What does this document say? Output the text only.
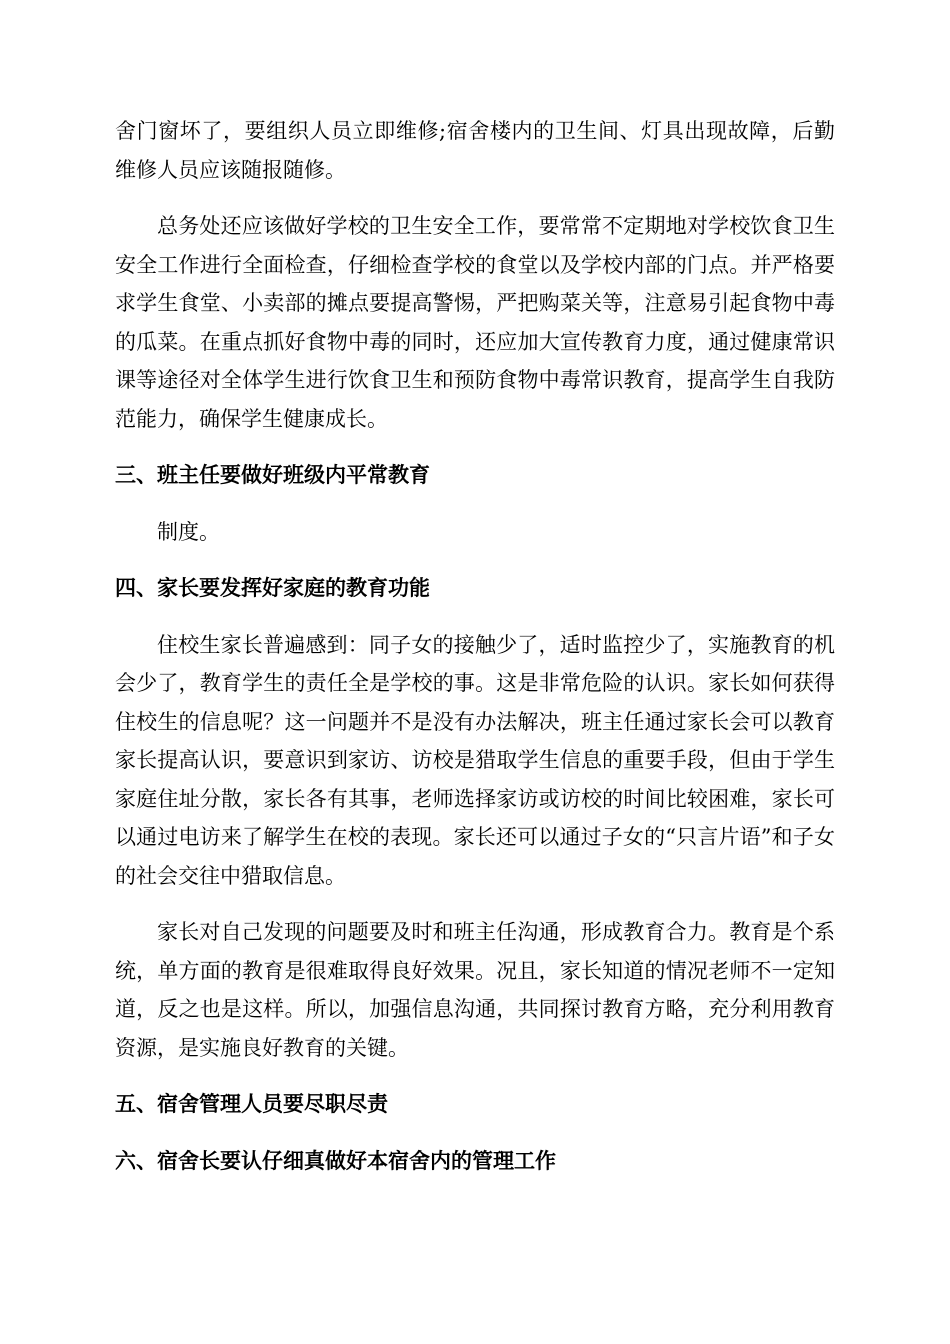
舍门窗坏了，要组织人员立即维修;宿舍楼内的卫生间、灯具出现故障，后勤维修人员应该随报随修。

总务处还应该做好学校的卫生安全工作，要常常不定期地对学校饮食卫生安全工作进行全面检查，仔细检查学校的食堂以及学校内部的门点。并严格要求学生食堂、小卖部的摊点要提高警惕，严把购菜关等，注意易引起食物中毒的瓜菜。在重点抓好食物中毒的同时，还应加大宣传教育力度，通过健康常识课等途径对全体学生进行饮食卫生和预防食物中毒常识教育，提高学生自我防范能力，确保学生健康成长。

三、班主任要做好班级内平常教育

制度。

四、家长要发挥好家庭的教育功能

住校生家长普遍感到：同子女的接触少了，适时监控少了，实施教育的机会少了，教育学生的责任全是学校的事。这是非常危险的认识。家长如何获得住校生的信息呢？这一问题并不是没有办法解决，班主任通过家长会可以教育家长提高认识，要意识到家访、访校是猎取学生信息的重要手段，但由于学生家庭住址分散，家长各有其事，老师选择家访或访校的时间比较困难，家长可以通过电访来了解学生在校的表现。家长还可以通过子女的“只言片语”和子女的社会交往中猎取信息。

家长对自己发现的问题要及时和班主任沟通，形成教育合力。教育是个系统，单方面的教育是很难取得良好效果。况且，家长知道的情况老师不一定知道，反之也是这样。所以，加强信息沟通，共同探讨教育方略，充分利用教育资源，是实施良好教育的关键。

五、宿舍管理人员要尽职尽责

六、宿舍长要认仔细真做好本宿舍内的管理工作
